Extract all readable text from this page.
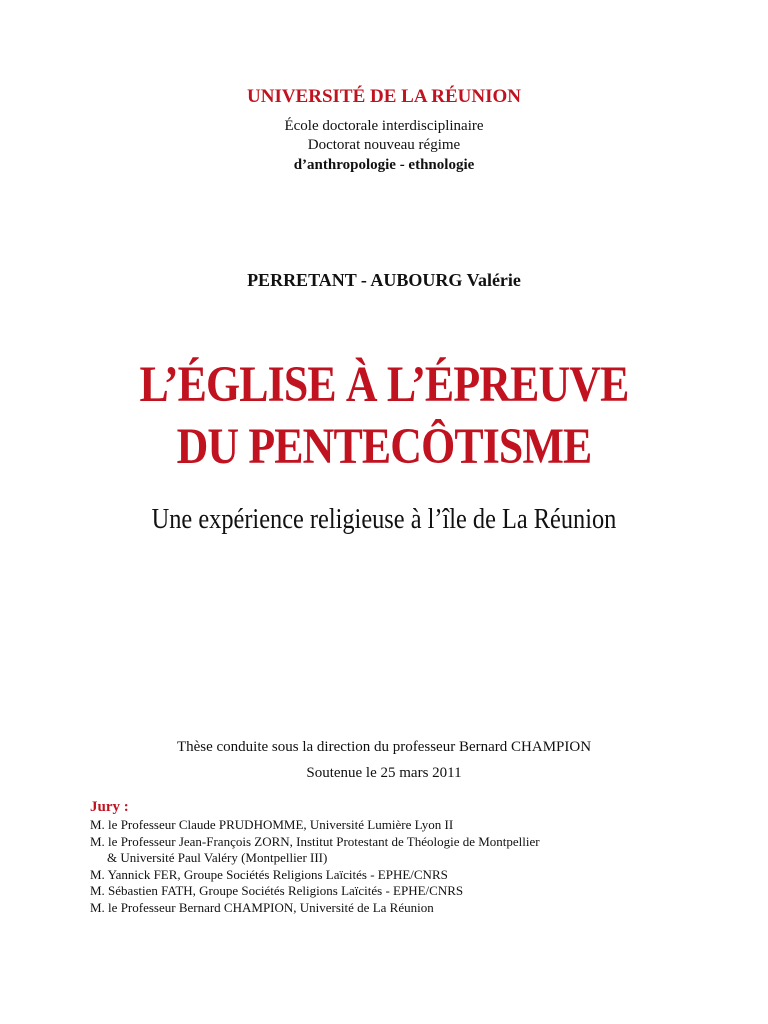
UNIVERSITÉ DE LA RÉUNION
École doctorale interdisciplinaire
Doctorat nouveau régime
d’anthropologie - ethnologie
PERRETANT - AUBOURG Valérie
L’ÉGLISE À L’ÉPREUVE
DU PENTECÔTISME
Une expérience religieuse à l’île de La Réunion
Thèse conduite sous la direction du professeur Bernard CHAMPION
Soutenue le 25 mars 2011
Jury :
M. le Professeur Claude PRUDHOMME, Université Lumière Lyon II
M. le Professeur Jean-François ZORN, Institut Protestant de Théologie de Montpellier
& Université Paul Valéry (Montpellier III)
M. Yannick FER, Groupe Sociétés Religions Laïcités - EPHE/CNRS
M. Sébastien FATH, Groupe Sociétés Religions Laïcités - EPHE/CNRS
M. le Professeur Bernard CHAMPION, Université de La Réunion
